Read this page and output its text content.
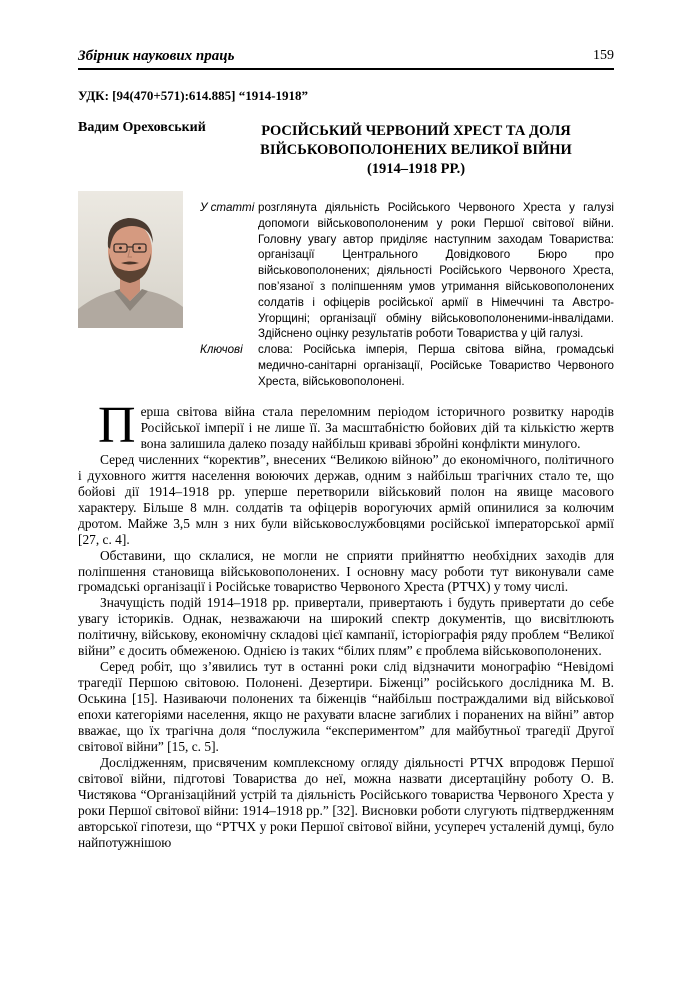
Збірник наукових праць	159
УДК: [94(470+571):614.885] “1914-1918”
Вадим Ореховський	РОСІЙСЬКИЙ ЧЕРВОНИЙ ХРЕСТ ТА ДОЛЯ
ВІЙСЬКОВОПОЛОНЕНИХ ВЕЛИКОЇ ВІЙНИ
(1914–1918 РР.)
У статті розглянута діяльність Російського Червоного Хреста у галузі допомоги військовополоненим у роки Першої світової війни. Головну увагу автор приділяє наступним заходам Товариства: організації Центрального Довідкового Бюро про військовополонених; діяльності Російського Червоного Хреста, пов’язаної з поліпшенням умов утримання військовополонених солдатів і офіцерів російської армії в Німеччині та Австро-Угорщині; організації обміну військовополоненими-інвалідами. Здійснено оцінку результатів роботи Товариства у цій галузі.
Ключові	слова: Російська імперія, Перша світова війна, громадські медично-санітарні організації, Російське Товариство Червоного Хреста, військовополонені.

Перша світова війна стала переломним періодом історичного розвитку народів Російської імперії і не лише її. За масштабністю бойових дій та кількістю жертв вона залишила далеко позаду найбільш криваві збройні конфлікти минулого.

Серед численних “коректив”, внесених “Великою війною” до економічного, політичного і духовного життя населення воюючих держав, одним з найбільш трагічних стало те, що бойові дії 1914–1918 рр. уперше перетворили військовий полон на явище масового характеру. Більше 8 млн. солдатів та офіцерів ворогуючих армій опинилися за колючим дротом. Майже 3,5 млн з них були військовослужбовцями російської імператорської армії [27, с. 4].

Обставини, що склалися, не могли не сприяти прийняттю необхідних заходів для поліпшення становища військовополонених. І основну масу роботи тут виконували саме громадські організації і Російське товариство Червоного Хреста (РТЧХ) у тому числі.

Значущість подій 1914–1918 рр. привертали, привертають і будуть привертати до себе увагу істориків. Однак, незважаючи на широкий спектр документів, що висвітлюють політичну, військову, економічну складові цієї кампанії, історіографія ряду проблем “Великої війни” є досить обмеженою. Однією із таких “білих плям” є проблема військовополонених.

Серед робіт, що з’явились тут в останні роки слід відзначити монографію “Невідомі трагедії Першою світовою. Полонені. Дезертири. Біженці” російського дослідника М. В. Оськина [15]. Називаючи полонених та біженців “найбільш постраждалими від військової епохи категоріями населення, якщо не рахувати власне загиблих і поранених на війні” автор вважає, що їх трагічна доля “послужила “експериментом” для майбутньої трагедії Другої світової війни” [15, с. 5].

Дослідженням, присвяченим комплексному огляду діяльності РТЧХ впродовж Першої світової війни, підготові Товариства до неї, можна назвати дисертаційну роботу О. В. Чистякова “Організаційний устрій та діяльність Російського товариства Червоного Хреста у роки Першої світової війни: 1914–1918 рр.” [32]. Висновки роботи слугують підтвердженням авторської гіпотези, що “РТЧХ у роки Першої світової війни, усупереч усталеній думці, було найпотужнішою
